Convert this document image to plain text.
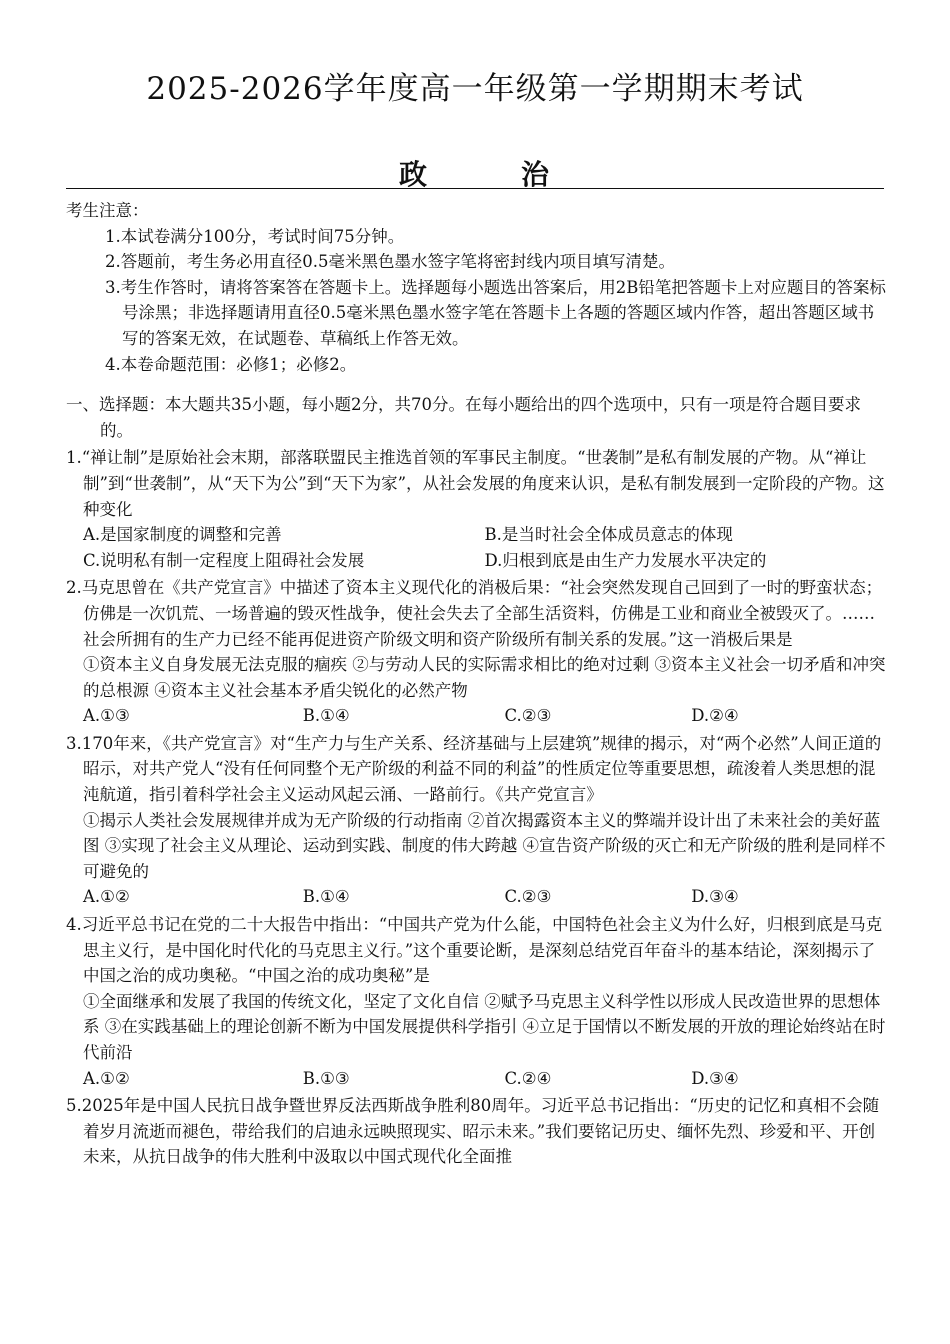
2025-2026学年度高一年级第一学期期末考试
政	治
考生注意：
1.本试卷满分100分，考试时间75分钟。
2.答题前，考生务必用直径0.5毫米黑色墨水签字笔将密封线内项目填写清楚。
3.考生作答时，请将答案答在答题卡上。选择题每小题选出答案后，用2B铅笔把答题卡上对应题目的答案标号涂黑；非选择题请用直径0.5毫米黑色墨水签字笔在答题卡上各题的答题区域内作答，超出答题区域书写的答案无效，在试题卷、草稿纸上作答无效。
4.本卷命题范围：必修1；必修2。
一、选择题：本大题共35小题，每小题2分，共70分。在每小题给出的四个选项中，只有一项是符合题目要求的。
1.“禅让制”是原始社会末期，部落联盟民主推选首领的军事民主制度。“世袭制”是私有制发展的产物。从“禅让制”到“世袭制”，从“天下为公”到“天下为家”，从社会发展的角度来认识，是私有制发展到一定阶段的产物。这种变化
A.是国家制度的调整和完善	B.是当时社会全体成员意志的体现
C.说明私有制一定程度上阻碍社会发展	D.归根到底是由生产力发展水平决定的
2.马克思曾在《共产党宣言》中描述了资本主义现代化的消极后果：“社会突然发现自己回到了一时的野蛮状态；仿佛是一次饥荒、一场普遍的毁灭性战争，使社会失去了全部生活资料，仿佛是工业和商业全被毁灭了。……社会所拥有的生产力已经不能再促进资产阶级文明和资产阶级所有制关系的发展。”这一消极后果是
①资本主义自身发展无法克服的痼疾 ②与劳动人民的实际需求相比的绝对过剩 ③资本主义社会一切矛盾和冲突的总根源 ④资本主义社会基本矛盾尖锐化的必然产物
A.①③	B.①④	C.②③	D.②④
3.170年来，《共产党宣言》对“生产力与生产关系、经济基础与上层建筑”规律的揭示，对“两个必然”人间正道的昭示，对共产党人“没有任何同整个无产阶级的利益不同的利益”的性质定位等重要思想，疏浚着人类思想的混沌航道，指引着科学社会主义运动风起云涌、一路前行。《共产党宣言》
①揭示人类社会发展规律并成为无产阶级的行动指南 ②首次揭露资本主义的弊端并设计出了未来社会的美好蓝图 ③实现了社会主义从理论、运动到实践、制度的伟大跨越 ④宣告资产阶级的灭亡和无产阶级的胜利是同样不可避免的
A.①②	B.①④	C.②③	D.③④
4.习近平总书记在党的二十大报告中指出：“中国共产党为什么能，中国特色社会主义为什么好，归根到底是马克思主义行，是中国化时代化的马克思主义行。”这个重要论断，是深刻总结党百年奋斗的基本结论，深刻揭示了中国之治的成功奥秘。“中国之治的成功奥秘”是
①全面继承和发展了我国的传统文化，坚定了文化自信 ②赋予马克思主义科学性以形成人民改造世界的思想体系 ③在实践基础上的理论创新不断为中国发展提供科学指引 ④立足于国情以不断发展的开放的理论始终站在时代前沿
A.①②	B.①③	C.②④	D.③④
5.2025年是中国人民抗日战争暨世界反法西斯战争胜利80周年。习近平总书记指出：“历史的记忆和真相不会随着岁月流逝而褪色，带给我们的启迪永远映照现实、昭示未来。”我们要铭记历史、缅怀先烈、珍爱和平、开创未来，从抗日战争的伟大胜利中汲取以中国式现代化全面推
